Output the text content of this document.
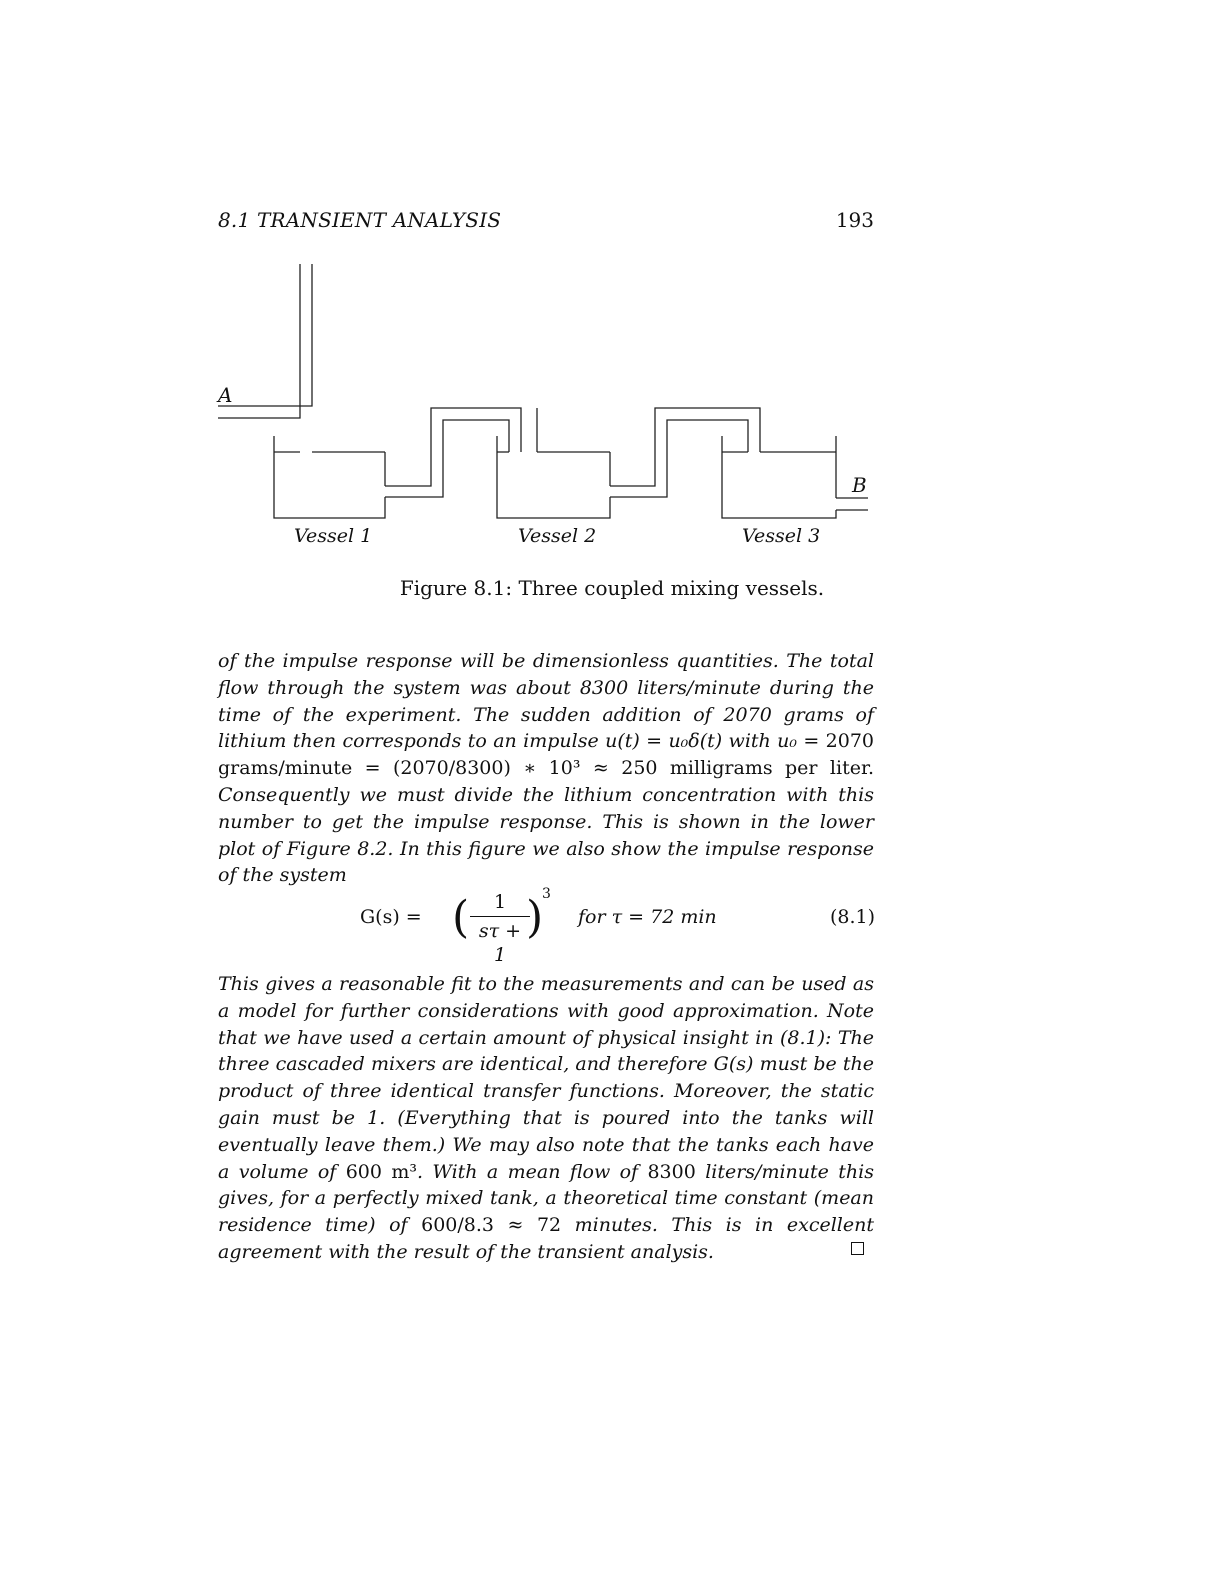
8.1 TRANSIENT ANALYSIS	193
A
B
Vessel 1	Vessel 2	Vessel 3
Figure 8.1: Three coupled mixing vessels.
of the impulse response will be dimensionless quantities. The total flow through the system was about 8300 liters/minute during the time of the experiment. The sudden addition of 2070 grams of lithium then corresponds to an impulse u(t) = u₀δ(t) with u₀ = 2070 grams/minute = (2070/8300) ∗ 10³ ≈ 250 milligrams per liter. Consequently we must divide the lithium concentration with this number to get the impulse response. This is shown in the lower plot of Figure 8.2. In this figure we also show the impulse response of the system
G(s) = (	1
sτ + 1
)
3
for τ = 72 min	(8.1)
This gives a reasonable fit to the measurements and can be used as a model for further considerations with good approximation. Note that we have used a certain amount of physical insight in (8.1): The three cascaded mixers are identical, and therefore G(s) must be the product of three identical transfer functions. Moreover, the static gain must be 1. (Everything that is poured into the tanks will eventually leave them.) We may also note that the tanks each have a volume of 600 m³. With a mean flow of 8300 liters/minute this gives, for a perfectly mixed tank, a theoretical time constant (mean residence time) of 600/8.3 ≈ 72 minutes. This is in excellent agreement with the result of the transient analysis.
